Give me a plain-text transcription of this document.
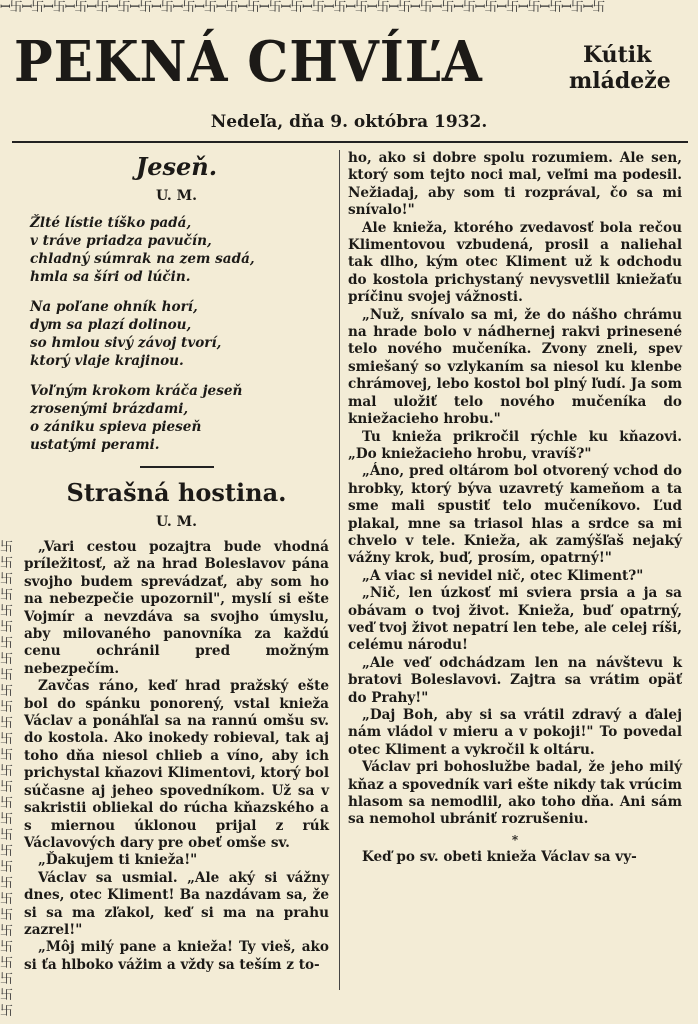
ꟷ卐ꟷ卐ꟷ卐ꟷ卐ꟷ卐ꟷ卐ꟷ卐ꟷ卐ꟷ卐ꟷ卐ꟷ卐ꟷ卐ꟷ卐ꟷ卐ꟷ卐ꟷ卐ꟷ卐ꟷ卐ꟷ卐ꟷ卐ꟷ卐ꟷ卐ꟷ卐ꟷ卐ꟷ卐ꟷ卐ꟷ卐ꟷ卐
卐
卐
卐
卐
卐
卐
卐
卐
卐
卐
卐
卐
卐
卐
卐
卐
卐
卐
卐
卐
卐
卐
卐
卐
卐
卐
卐
卐
卐
卐
PEKNÁ CHVÍĽA	Kútik
mládeže
Nedeľa, dňa 9. októbra 1932.
Jeseň.
U. M.
Žlté lístie tíško padá,
v tráve priadza pavučín,
chladný súmrak na zem sadá,
hmla sa šíri od lúčin.
Na poľane ohník horí,
dym sa plazí dolinou,
so hmlou sivý závoj tvorí,
ktorý vlaje krajinou.
Voľným krokom kráča jeseň
zrosenými brázdami,
o zániku spieva pieseň
ustatými perami.
Strašná hostina.
U. M.

„Vari cestou pozajtra bude vhodná príležitosť, až na hrad Boleslavov pána svojho budem sprevádzať, aby som ho na nebezpečie upozornil", myslí si ešte Vojmír a nevzdáva sa svojho úmyslu, aby milovaného panovníka za každú cenu ochránil pred možným nebezpečím.

Zavčas ráno, keď hrad pražský ešte bol do spánku ponorený, vstal knieža Václav a ponáhľal sa na rannú omšu sv. do kostola. Ako inokedy robieval, tak aj toho dňa niesol chlieb a víno, aby ich prichystal kňazovi Klimentovi, ktorý bol súčasne aj jeheo spovedníkom. Už sa v sakristii obliekal do rúcha kňazského a s miernou úklonou prijal z rúk Václavových dary pre obeť omše sv.

„Ďakujem ti knieža!"

Václav sa usmial. „Ale aký si vážny dnes, otec Kliment! Ba nazdávam sa, že si sa ma zľakol, keď si ma na prahu zazrel!"

„Môj milý pane a knieža! Ty vieš, ako si ťa hlboko vážim a vždy sa teším z to-

ho, ako si dobre spolu rozumiem. Ale sen, ktorý som tejto noci mal, veľmi ma podesil. Nežiadaj, aby som ti rozprával, čo sa mi snívalo!"

Ale knieža, ktorého zvedavosť bola rečou Klimentovou vzbudená, prosil a naliehal tak dlho, kým otec Kliment už k odchodu do kostola prichystaný nevysvetlil kniežaťu príčinu svojej vážnosti.

„Nuž, snívalo sa mi, že do nášho chrámu na hrade bolo v nádhernej rakvi prinesené telo nového mučeníka. Zvony zneli, spev smiešaný so vzlykaním sa niesol ku klenbe chrámovej, lebo kostol bol plný ľudí. Ja som mal uložiť telo nového mučeníka do kniežacieho hrobu."

Tu knieža prikročil rýchle ku kňazovi. „Do kniežacieho hrobu, vravíš?"

„Áno, pred oltárom bol otvorený vchod do hrobky, ktorý býva uzavretý kameňom a ta sme mali spustiť telo mučeníkovo. Ľud plakal, mne sa triasol hlas a srdce sa mi chvelo v tele. Knieža, ak zamýšľaš nejaký vážny krok, buď, prosím, opatrný!"

„A viac si nevidel nič, otec Kliment?"

„Nič, len úzkosť mi sviera prsia a ja sa obávam o tvoj život. Knieža, buď opatrný, veď tvoj život nepatrí len tebe, ale celej ríši, celému národu!

„Ale veď odchádzam len na návštevu k bratovi Boleslavovi. Zajtra sa vrátim opäť do Prahy!"

„Daj Boh, aby si sa vrátil zdravý a ďalej nám vládol v mieru a v pokoji!" To povedal otec Kliment a vykročil k oltáru.

Václav pri bohoslužbe badal, že jeho milý kňaz a spovedník vari ešte nikdy tak vrúcim hlasom sa nemodlil, ako toho dňa. Ani sám sa nemohol ubrániť rozrušeniu.

*

Keď po sv. obeti knieža Václav sa vy-
